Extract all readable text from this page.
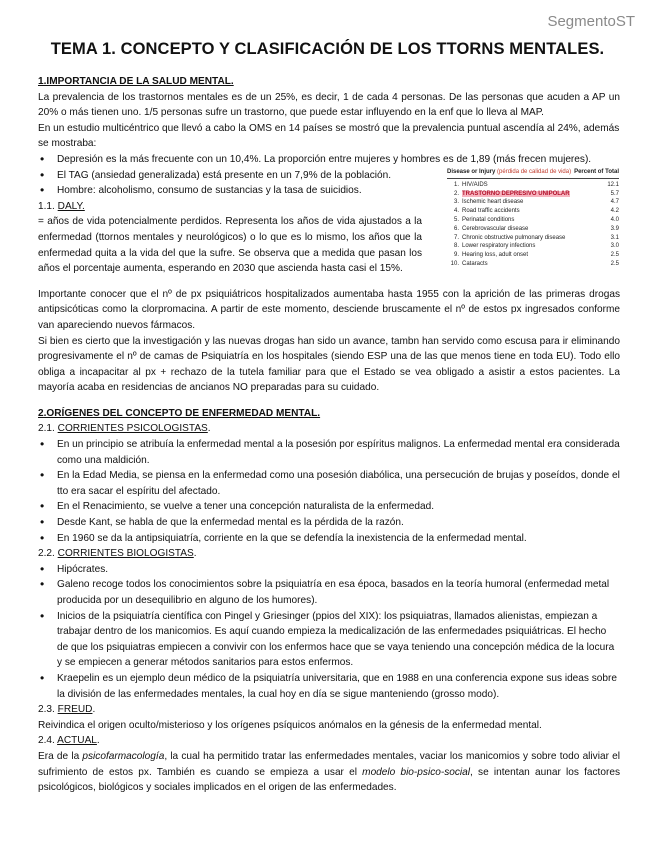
SegmentoST
TEMA 1. CONCEPTO Y CLASIFICACIÓN DE LOS TTORNS MENTALES.
Disease or Injury (pérdida de calidad de vida) Percent of Total
1. HIV/AIDS	12.1
2. TRASTORNO DEPRESIVO UNIPOLAR	5.7
3. Ischemic heart disease	4.7
4. Road traffic accidents	4.2
5. Perinatal conditions	4.0
6. Cerebrovascular disease	3.9
7. Chronic obstructive pulmonary disease	3.1
8. Lower respiratory infections	3.0
9. Hearing loss, adult onset	2.5
10. Cataracts	2.5

1.IMPORTANCIA DE LA SALUD MENTAL.

La prevalencia de los trastornos mentales es de un 25%, es decir, 1 de cada 4 personas. De las personas que acuden a AP un 20% o más tienen uno. 1/5 personas sufre un trastorno, que puede estar influyendo en la enf que lo lleva al MAP.

En un estudio multicéntrico que llevó a cabo la OMS en 14 países se mostró que la prevalencia puntual ascendía al 24%, además se mostraba:

• Depresión es la más frecuente con un 10,4%. La proporción entre mujeres y hombres es de 1,89 (más frecen mujeres).
• El TAG (ansiedad generalizada) está presente en un 7,9% de la población.
• Hombre: alcoholismo, consumo de sustancias y la tasa de suicidios.

1.1. DALY.

= años de vida potencialmente perdidos. Representa los años de vida ajustados a la enfermedad (ttornos mentales y neurológicos) o lo que es lo mismo, los años que la enfermedad quita a la vida del que la sufre. Se observa que a medida que pasan los años el porcentaje aumenta, esperando en 2030 que ascienda hasta casi el 15%.

Importante conocer que el nº de px psiquiátricos hospitalizados aumentaba hasta 1955 con la aprición de las primeras drogas antipsicóticas como la clorpromacina. A partir de este momento, desciende bruscamente el nº de estos px ingresados conforme van apareciendo nuevos fármacos.

Si bien es cierto que la investigación y las nuevas drogas han sido un avance, tambn han servido como escusa para ir eliminando progresivamente el nº de camas de Psiquiatría en los hospitales (siendo ESP una de las que menos tiene en toda EU). Todo ello obliga a incapacitar al px + rechazo de la tutela familiar para que el Estado se vea obligado a asistir a estos pacientes. La mayoría acaba en residencias de ancianos NO preparadas para su cuidado.

2.ORÍGENES DEL CONCEPTO DE ENFERMEDAD MENTAL.

2.1. CORRIENTES PSICOLOGISTAS.

• En un principio se atribuía la enfermedad mental a la posesión por espíritus malignos. La enfermedad mental era considerada como una maldición.
• En la Edad Media, se piensa en la enfermedad como una posesión diabólica, una persecución de brujas y poseídos, donde el tto era sacar el espíritu del afectado.
• En el Renacimiento, se vuelve a tener una concepción naturalista de la enfermedad.
• Desde Kant, se habla de que la enfermedad mental es la pérdida de la razón.
• En 1960 se da la antipsiquiatría, corriente en la que se defendía la inexistencia de la enfermedad mental.

2.2. CORRIENTES BIOLOGISTAS.

• Hipócrates.
• Galeno recoge todos los conocimientos sobre la psiquiatría en esa época, basados en la teoría humoral (enfermedad metal producida por un desequilibrio en alguno de los humores).
• Inicios de la psiquiatría científica con Pingel y Griesinger (ppios del XIX): los psiquiatras, llamados alienistas, empiezan a trabajar dentro de los manicomios. Es aquí cuando empieza la medicalización de las enfermedades psiquiátricas. El hecho de que los psiquiatras empiecen a convivir con los enfermos hace que se vaya teniendo una concepción médica de la locura y se empiecen a generar métodos sanitarios para estos enfermos.
• Kraepelin es un ejemplo deun médico de la psiquiatría universitaria, que en 1988 en una conferencia expone sus ideas sobre la división de las enfermedades mentales, la cual hoy en día se sigue manteniendo (grosso modo).

2.3. FREUD.

Reivindica el origen oculto/misterioso y los orígenes psíquicos anómalos en la génesis de la enfermedad mental.

2.4. ACTUAL.

Era de la psicofarmacología, la cual ha permitido tratar las enfermedades mentales, vaciar los manicomios y sobre todo aliviar el sufrimiento de estos px. También es cuando se empieza a usar el modelo bio-psico-social, se intentan aunar los factores psicológicos, biológicos y sociales implicados en el origen de las enfermedades.
